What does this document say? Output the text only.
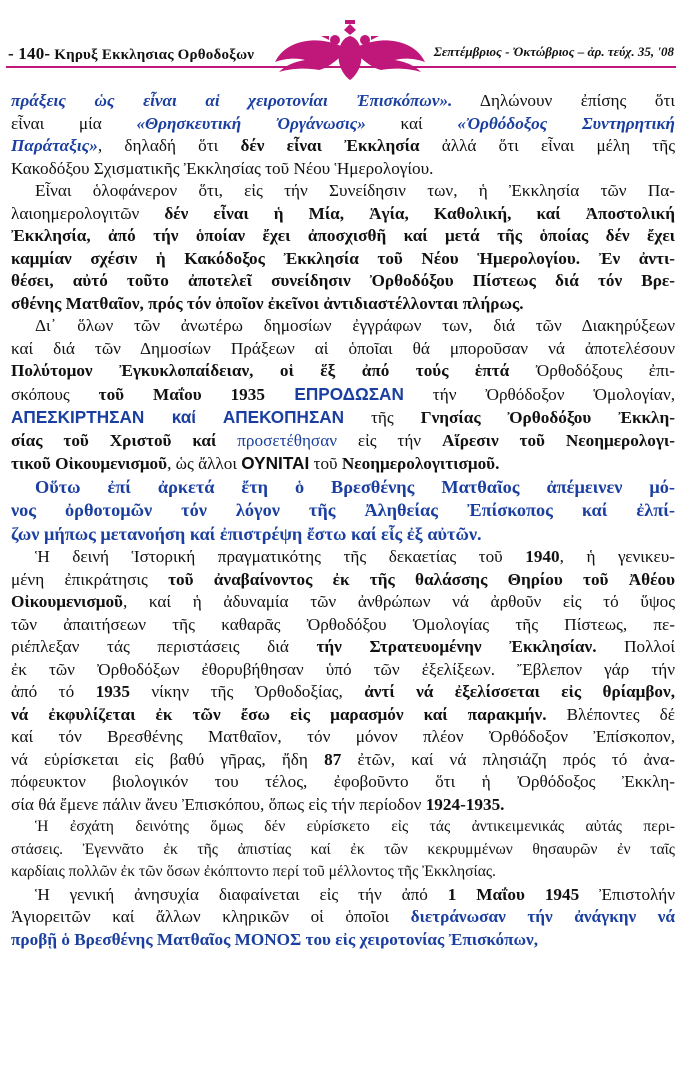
- 140- Κηρυξ Εκκλησιας Ορθοδοξων	Σεπτέμβριος - Ὀκτώβριος – ἀρ. τεύχ. 35, '08
πράξεις ὡς εἶναι αἱ χειροτονίαι Ἐπισκόπων». Δηλώνουν ἐπίσης ὅτι
εἶναι μία «Θρησκευτική Ὀργάνωσις» καί «Ὀρθόδοξος Συντηρητική
Παράταξις», δηλαδή ὅτι δέν εἶναι Ἐκκλησία ἀλλά ὅτι εἶναι μέλη τῆς
Κακοδόξου Σχισματικῆς Ἐκκλησίας τοῦ Νέου Ἡμερολογίου.
Εἶναι ὁλοφάνερον ὅτι, εἰς τήν Συνείδησιν των, ἡ Ἐκκλησία τῶν Πα-
λαιοημερολογιτῶν δέν εἶναι ἡ Μία, Ἁγία, Καθολική, καί Ἀποστολική
Ἐκκλησία, ἀπό τήν ὁποίαν ἔχει ἀποσχισθῆ καί μετά τῆς ὁποίας δέν ἔχει
καμμίαν σχέσιν ἡ Κακόδοξος Ἐκκλησία τοῦ Νέου Ἡμερολογίου. Ἐν ἀντι-
θέσει, αὐτό τοῦτο ἀποτελεῖ συνείδησιν Ὀρθοδόξου Πίστεως διά τόν Βρε-
σθένης Ματθαῖον, πρός τόν ὁποῖον ἐκεῖνοι ἀντιδιαστέλλονται πλήρως.
Δι᾿ ὅλων τῶν ἀνωτέρω δημοσίων ἐγγράφων των, διά τῶν Διακηρύξεων
καί διά τῶν Δημοσίων Πράξεων αἱ ὁποῖαι θά μποροῦσαν νά ἀποτελέσουν
Πολύτομον Ἐγκυκλοπαίδειαν, οἱ ἕξ ἀπό τούς ἑπτά Ὀρθοδόξους ἐπι-
σκόπους τοῦ Μαΐου 1935 ΕΠΡΟΔΩΣΑΝ τήν Ὀρθόδοξον Ὁμολογίαν,
ΑΠΕΣΚΙΡΤΗΣΑΝ καί ΑΠΕΚΟΠΗΣΑΝ τῆς Γνησίας Ὀρθοδόξου Ἐκκλη-
σίας τοῦ Χριστοῦ καί προσετέθησαν εἰς τήν Αἵρεσιν τοῦ Νεοημερολογι-
τικοῦ Οἰκουμενισμοῦ, ὡς ἄλλοι ΟΥΝΙΤΑΙ τοῦ Νεοημερολογιτισμοῦ.
Οὕτω ἐπί ἀρκετά ἔτη ὁ Βρεσθένης Ματθαῖος ἀπέμεινεν μό-
νος ὀρθοτομῶν τόν λόγον τῆς Ἀληθείας Ἐπίσκοπος καί ἐλπί-
ζων μήπως μετανοήση καί ἐπιστρέψη ἔστω καί εἷς ἐξ αὐτῶν.
Ἡ δεινή Ἱστορική πραγματικότης τῆς δεκαετίας τοῦ 1940, ἡ γενικευ-
μένη ἐπικράτησις τοῦ ἀναβαίνοντος ἐκ τῆς θαλάσσης Θηρίου τοῦ Ἀθέου
Οἰκουμενισμοῦ, καί ἡ ἀδυναμία τῶν ἀνθρώπων νά ἀρθοῦν εἰς τό ὕψος
τῶν ἀπαιτήσεων τῆς καθαρᾶς Ὀρθοδόξου Ὁμολογίας τῆς Πίστεως, πε-
ριέπλεξαν τάς περιστάσεις διά τήν Στρατευομένην Ἐκκλησίαν. Πολλοί
ἐκ τῶν Ὀρθοδόξων ἐθορυβήθησαν ὑπό τῶν ἐξελίξεων. Ἔβλεπον γάρ τήν
ἀπό τό 1935 νίκην τῆς Ὀρθοδοξίας, ἀντί νά ἐξελίσσεται εἰς θρίαμβον,
νά ἐκφυλίζεται ἐκ τῶν ἔσω εἰς μαρασμόν καί παρακμήν. Βλέποντες δέ
καί τόν Βρεσθένης Ματθαῖον, τόν μόνον πλέον Ὀρθόδοξον Ἐπίσκοπον,
νά εὑρίσκεται εἰς βαθύ γῆρας, ἤδη 87 ἐτῶν, καί νά πλησιάζη πρός τό ἀνα-
πόφευκτον βιολογικόν του τέλος, ἐφοβοῦντο ὅτι ἡ Ὀρθόδοξος Ἐκκλη-
σία θά ἔμενε πάλιν ἄνευ Ἐπισκόπου, ὅπως εἰς τήν περίοδον 1924-1935.
Ἡ ἐσχάτη δεινότης ὅμως δέν εὑρίσκετο εἰς τάς ἀντικειμενικάς αὐτάς περι-
στάσεις. Ἐγεννᾶτο ἐκ τῆς ἀπιστίας καί ἐκ τῶν κεκρυμμένων θησαυρῶν ἐν ταῖς
καρδίαις πολλῶν ἐκ τῶν ὅσων ἐκόπτοντο περί τοῦ μέλλοντος τῆς Ἐκκλησίας.
Ἡ γενική ἀνησυχία διαφαίνεται εἰς τήν ἀπό 1 Μαΐου 1945 Ἐπιστολήν
Ἁγιορειτῶν καί ἄλλων κληρικῶν οἱ ὁποῖοι διετράνωσαν τήν ἀνάγκην νά
προβῇ ὁ Βρεσθένης Ματθαῖος ΜΟΝΟΣ του εἰς χειροτονίας Ἐπισκόπων,
